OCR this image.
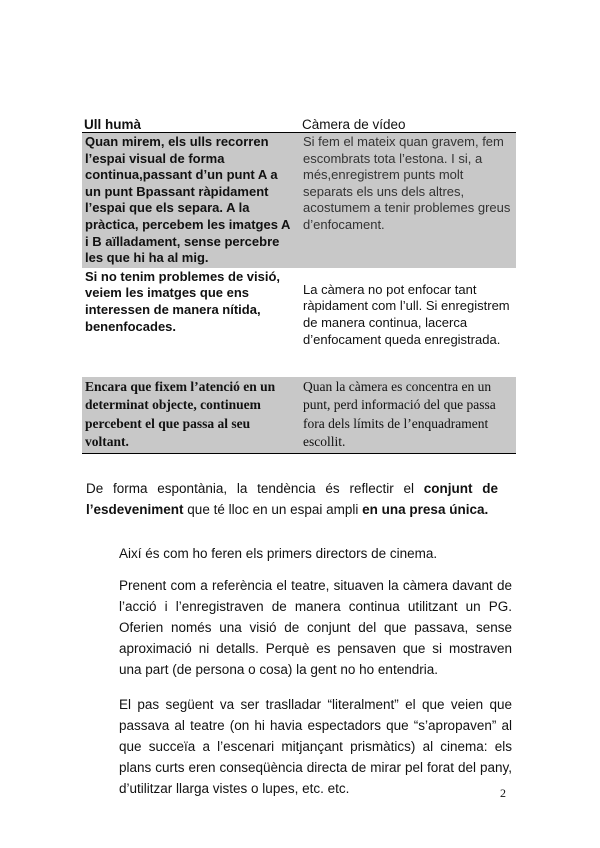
Ull humà	Càmera de vídeo
Quan mirem, els ulls recorren l’espai visual de forma continua,passant d’un punt A a un punt Bpassant ràpidament l’espai que els separa. A la pràctica, percebem les imatges A i B aïlladament, sense percebre les que hi ha al mig.	Si fem el mateix quan gravem, fem escombrats tota l’estona. I si, a més,enregistrem punts molt separats els uns dels altres, acostumem a tenir problemes greus d’enfocament.
Si no tenim problemes de visió, veiem les imatges que ens interessen de manera nítida, benenfocades.	La càmera no pot enfocar tant ràpidament com l’ull. Si enregistrem de manera continua, lacerca d’enfocament queda enregistrada.
Encara que fixem l’atenció en un determinat objecte, continuem percebent el que passa al seu voltant.	Quan la càmera es concentra en un punt, perd informació del que passa fora dels límits de l’enquadrament escollit.

De forma espontània, la tendència és reflectir el conjunt de l’esdeveniment que té lloc en un espai ampli en una presa única.

Així és com ho feren els primers directors de cinema.

Prenent com a referència el teatre, situaven la càmera davant de l’acció i l’enregistraven de manera continua utilitzant un PG. Oferien només una visió de conjunt del que passava, sense aproximació ni detalls. Perquè es pensaven que si mostraven una part (de persona o cosa) la gent no ho entendria.

El pas següent va ser traslladar “literalment” el que veien que passava al teatre (on hi havia espectadors que “s’apropaven” al que succeïa a l’escenari mitjançant prismàtics) al cinema: els plans curts eren conseqüència directa de mirar pel forat del pany, d’utilitzar llarga vistes o lupes, etc. etc.	2
